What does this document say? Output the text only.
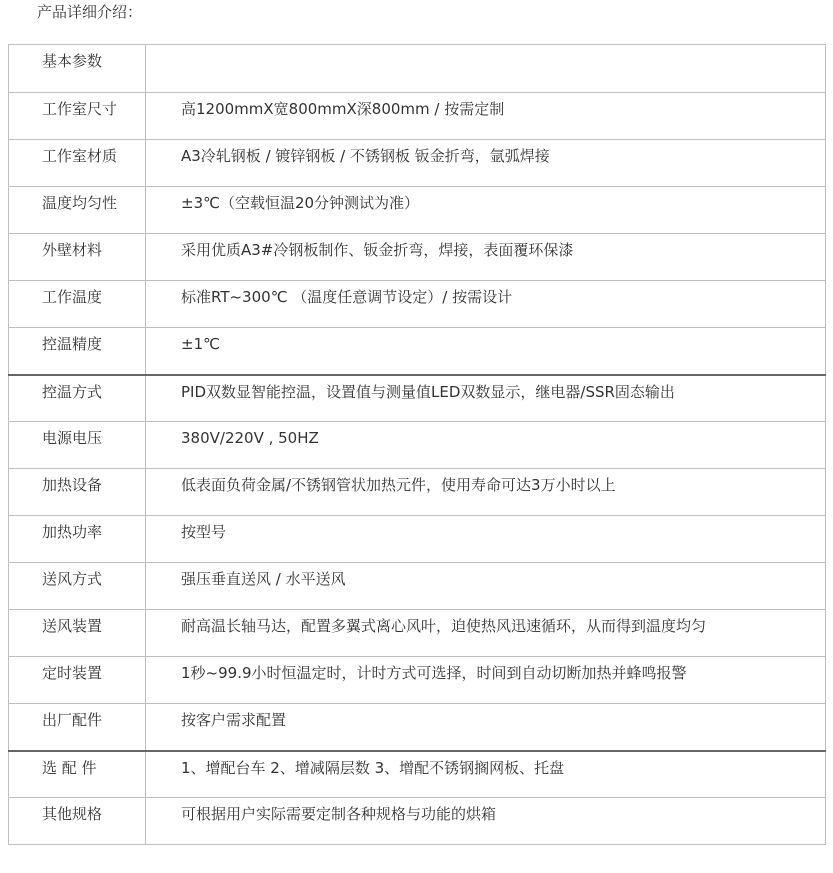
产品详细介绍：
基本参数	
工作室尺寸	高1200mmX宽800mmX深800mm / 按需定制
工作室材质	A3冷轧钢板 / 镀锌钢板 / 不锈钢板 钣金折弯，氩弧焊接
温度均匀性	±3℃（空载恒温20分钟测试为准）
外壁材料	采用优质A3#冷钢板制作、钣金折弯，焊接，表面覆环保漆
工作温度	标准RT~300℃ （温度任意调节设定）/ 按需设计
控温精度	±1℃
控温方式	PID双数显智能控温，设置值与测量值LED双数显示，继电器/SSR固态输出
电源电压	380V/220V , 50HZ
加热设备	低表面负荷金属/不锈钢管状加热元件，使用寿命可达3万小时以上
加热功率	按型号
送风方式	强压垂直送风 / 水平送风
送风装置	耐高温长轴马达，配置多翼式离心风叶，迫使热风迅速循环，从而得到温度均匀
定时装置	1秒~99.9小时恒温定时，计时方式可选择，时间到自动切断加热并蜂鸣报警
出厂配件	按客户需求配置
选 配 件	1、增配台车 2、增减隔层数 3、增配不锈钢搁网板、托盘
其他规格	可根据用户实际需要定制各种规格与功能的烘箱
